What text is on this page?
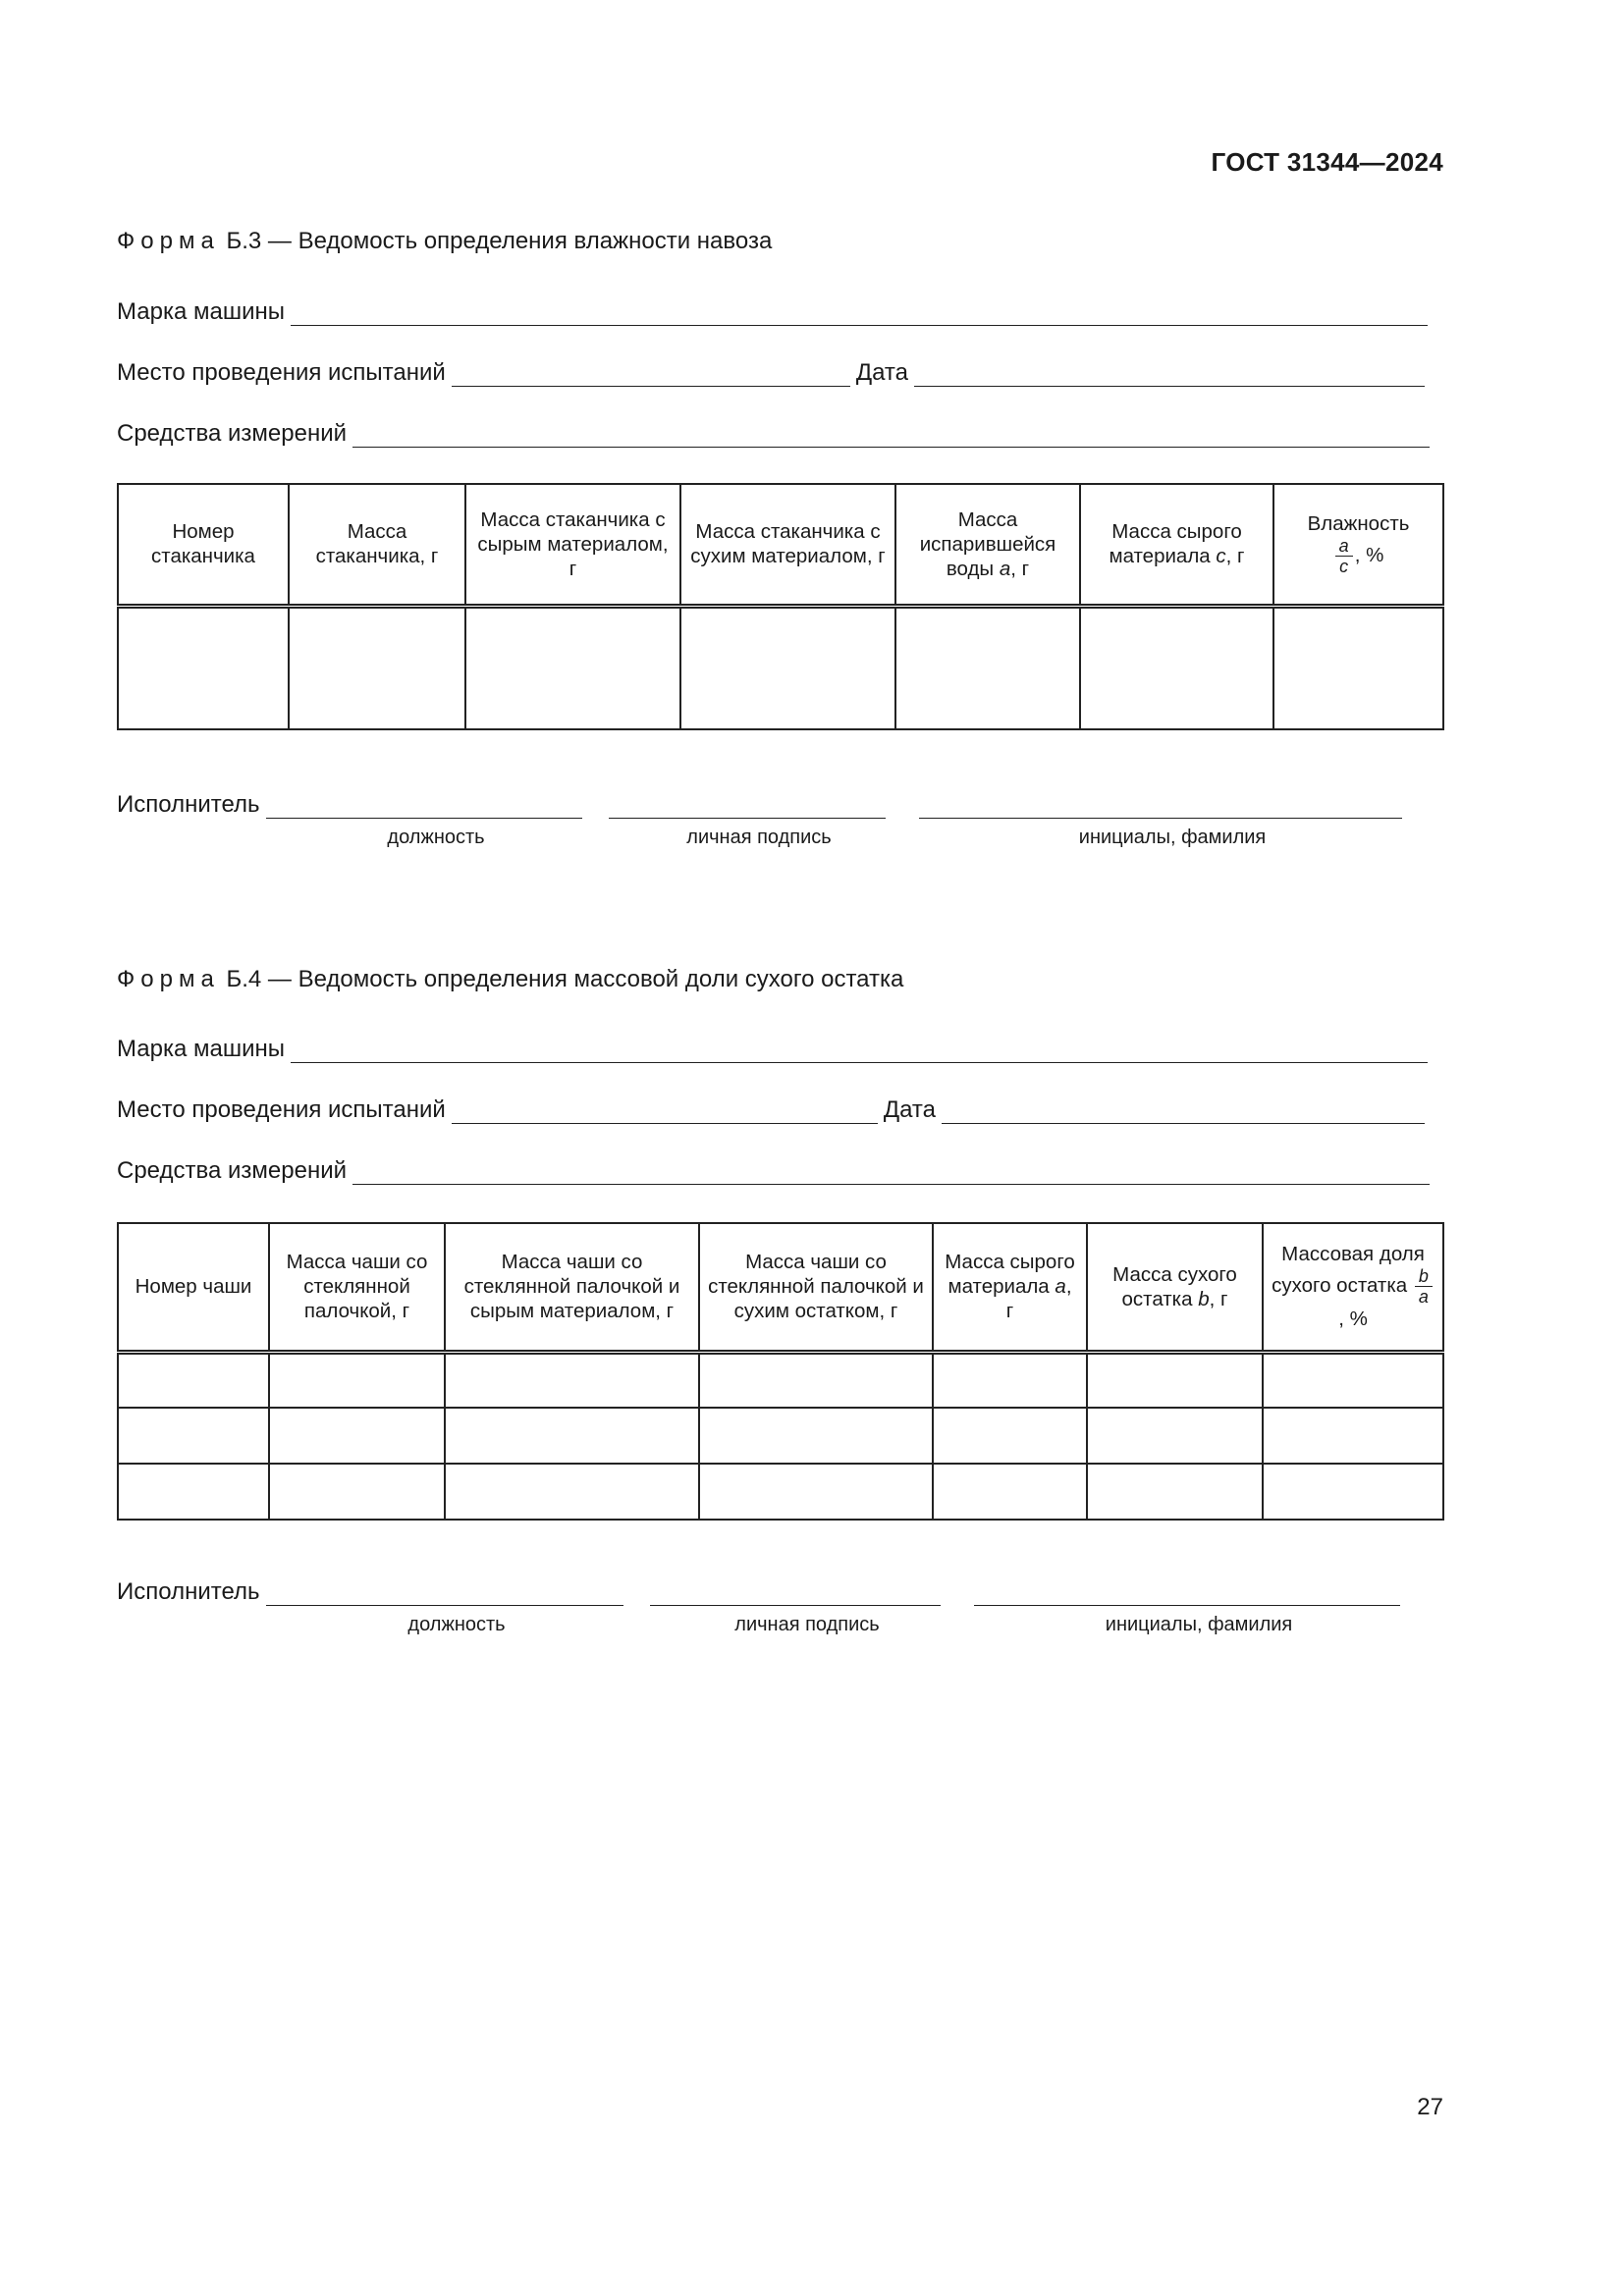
ГОСТ 31344—2024
Форма Б.3 — Ведомость определения влажности навоза
Марка машины
Место проведения испытаний	Дата
Средства измерений
Номер стаканчика	Масса стаканчика, г	Масса стаканчика с сырым материалом, г	Масса стаканчика с сухим материалом, г	Масса испарившейся воды a, г	Масса сырого материала c, г	Влажность

$\frac{a}{c}$ , %

Исполнитель
должность	личная подпись	инициалы, фамилия
Форма Б.4 — Ведомость определения массовой доли сухого остатка
Марка машины
Место проведения испытаний	Дата
Средства измерений
Номер чаши	Масса чаши со стеклянной палочкой, г	Масса чаши со стеклянной палочкой и сырым материалом, г	Масса чаши со стеклянной палочкой и сухим остатком, г	Масса сырого материала a, г	Масса сухого остатка b, г	Массовая доля сухого остатка $\frac{b}{a}$
, %

Исполнитель
должность	личная подпись	инициалы, фамилия
27
